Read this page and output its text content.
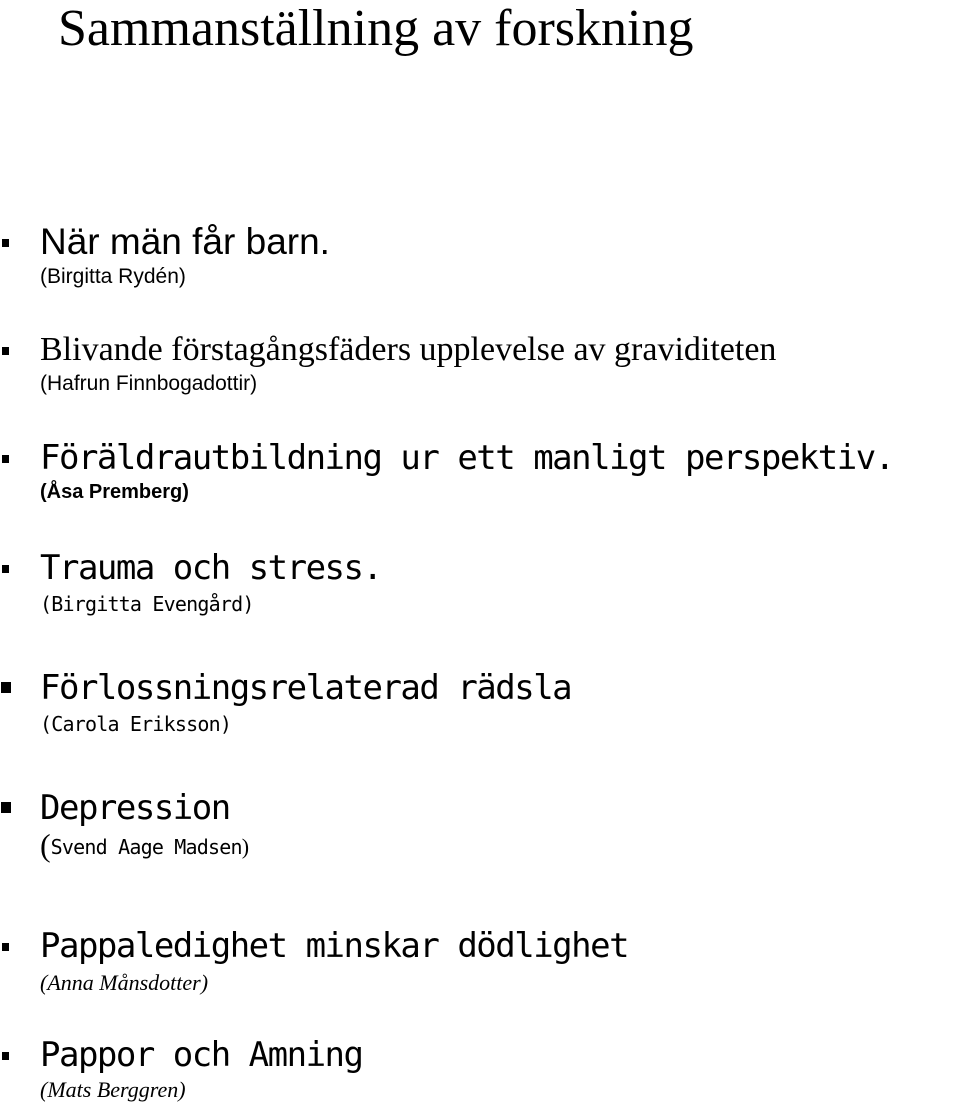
Sammanställning av forskning
När män får barn.
(Birgitta Rydén)
Blivande förstagångsfäders upplevelse av graviditeten
(Hafrun Finnbogadottir)
Föräldrautbildning ur ett manligt perspektiv.
(Åsa Premberg)
Trauma och stress.
(Birgitta Evengård)
Förlossningsrelaterad rädsla
(Carola Eriksson)
Depression
(Svend Aage Madsen)
Pappaledighet minskar dödlighet
(Anna Månsdotter)
Pappor och Amning
(Mats Berggren)
